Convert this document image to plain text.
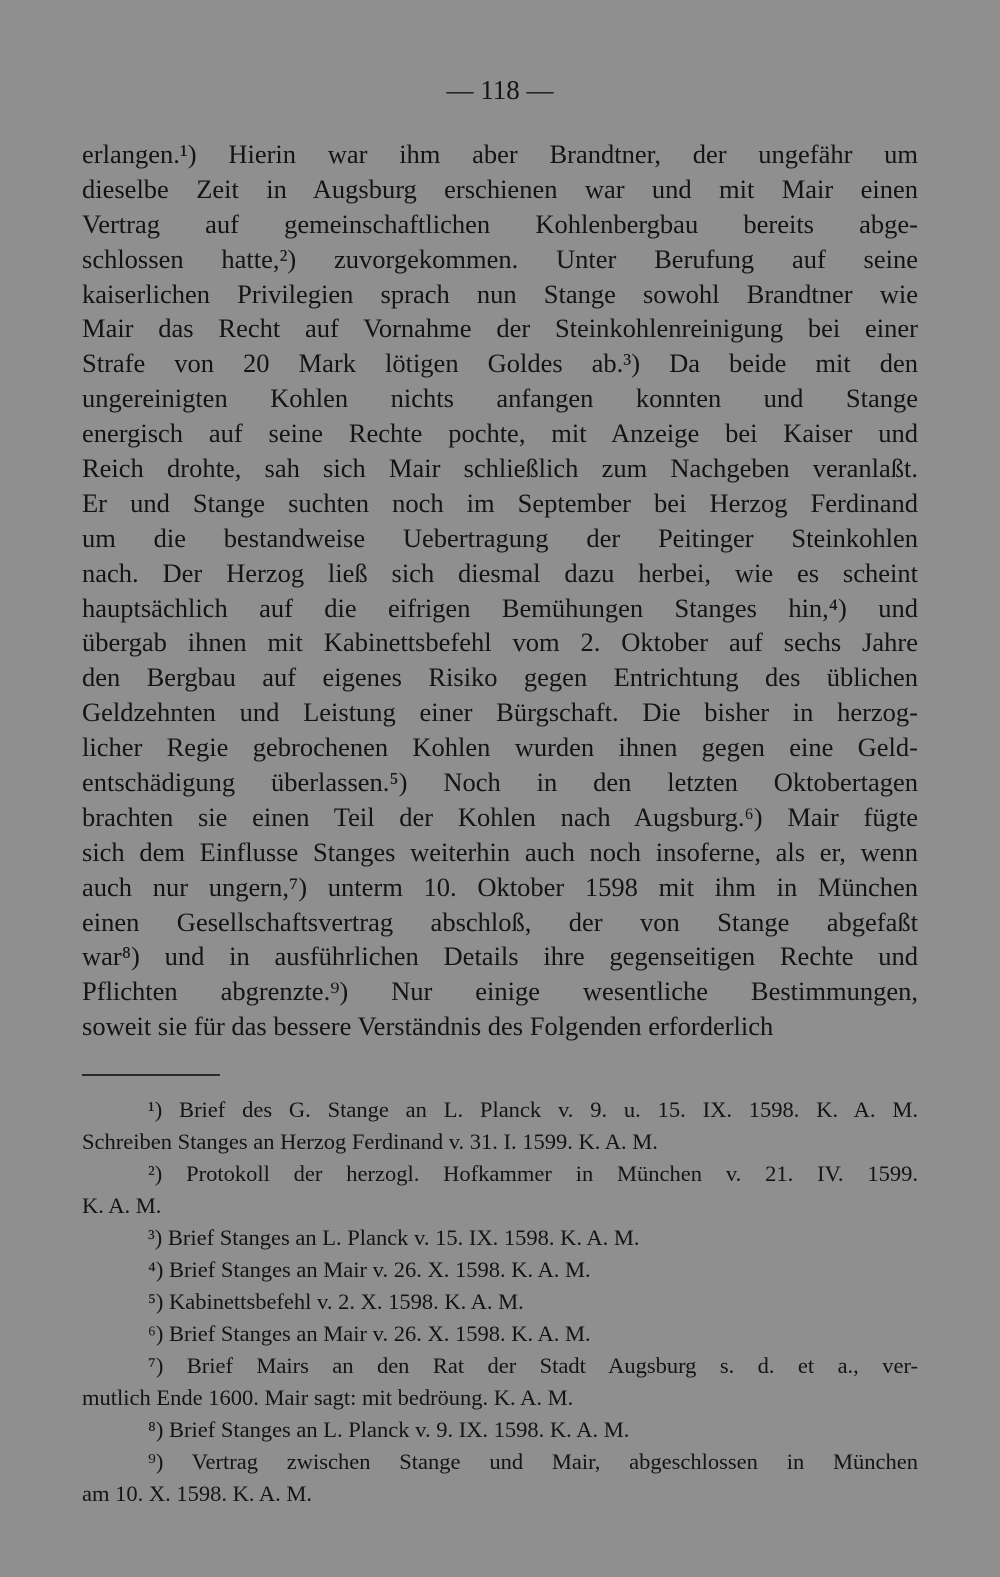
— 118 —
erlangen.¹) Hierin war ihm aber Brandtner, der ungefähr um
dieselbe Zeit in Augsburg erschienen war und mit Mair einen
Vertrag auf gemeinschaftlichen Kohlenbergbau bereits abge-
schlossen hatte,²) zuvorgekommen. Unter Berufung auf seine
kaiserlichen Privilegien sprach nun Stange sowohl Brandtner wie
Mair das Recht auf Vornahme der Steinkohlenreinigung bei einer
Strafe von 20 Mark lötigen Goldes ab.³) Da beide mit den
ungereinigten Kohlen nichts anfangen konnten und Stange
energisch auf seine Rechte pochte, mit Anzeige bei Kaiser und
Reich drohte, sah sich Mair schließlich zum Nachgeben veranlaßt.
Er und Stange suchten noch im September bei Herzog Ferdinand
um die bestandweise Uebertragung der Peitinger Steinkohlen
nach. Der Herzog ließ sich diesmal dazu herbei, wie es scheint
hauptsächlich auf die eifrigen Bemühungen Stanges hin,⁴) und
übergab ihnen mit Kabinettsbefehl vom 2. Oktober auf sechs Jahre
den Bergbau auf eigenes Risiko gegen Entrichtung des üblichen
Geldzehnten und Leistung einer Bürgschaft. Die bisher in herzog-
licher Regie gebrochenen Kohlen wurden ihnen gegen eine Geld-
entschädigung überlassen.⁵) Noch in den letzten Oktobertagen
brachten sie einen Teil der Kohlen nach Augsburg.⁶) Mair fügte
sich dem Einflusse Stanges weiterhin auch noch insoferne, als er, wenn
auch nur ungern,⁷) unterm 10. Oktober 1598 mit ihm in München
einen Gesellschaftsvertrag abschloß, der von Stange abgefaßt
war⁸) und in ausführlichen Details ihre gegenseitigen Rechte und
Pflichten abgrenzte.⁹) Nur einige wesentliche Bestimmungen,
soweit sie für das bessere Verständnis des Folgenden erforderlich
¹) Brief des G. Stange an L. Planck v. 9. u. 15. IX. 1598. K. A. M.
Schreiben Stanges an Herzog Ferdinand v. 31. I. 1599. K. A. M.
²) Protokoll der herzogl. Hofkammer in München v. 21. IV. 1599.
K. A. M.
³) Brief Stanges an L. Planck v. 15. IX. 1598. K. A. M.
⁴) Brief Stanges an Mair v. 26. X. 1598. K. A. M.
⁵) Kabinettsbefehl v. 2. X. 1598. K. A. M.
⁶) Brief Stanges an Mair v. 26. X. 1598. K. A. M.
⁷) Brief Mairs an den Rat der Stadt Augsburg s. d. et a., ver-
mutlich Ende 1600. Mair sagt: mit bedröung. K. A. M.
⁸) Brief Stanges an L. Planck v. 9. IX. 1598. K. A. M.
⁹) Vertrag zwischen Stange und Mair, abgeschlossen in München
am 10. X. 1598. K. A. M.
